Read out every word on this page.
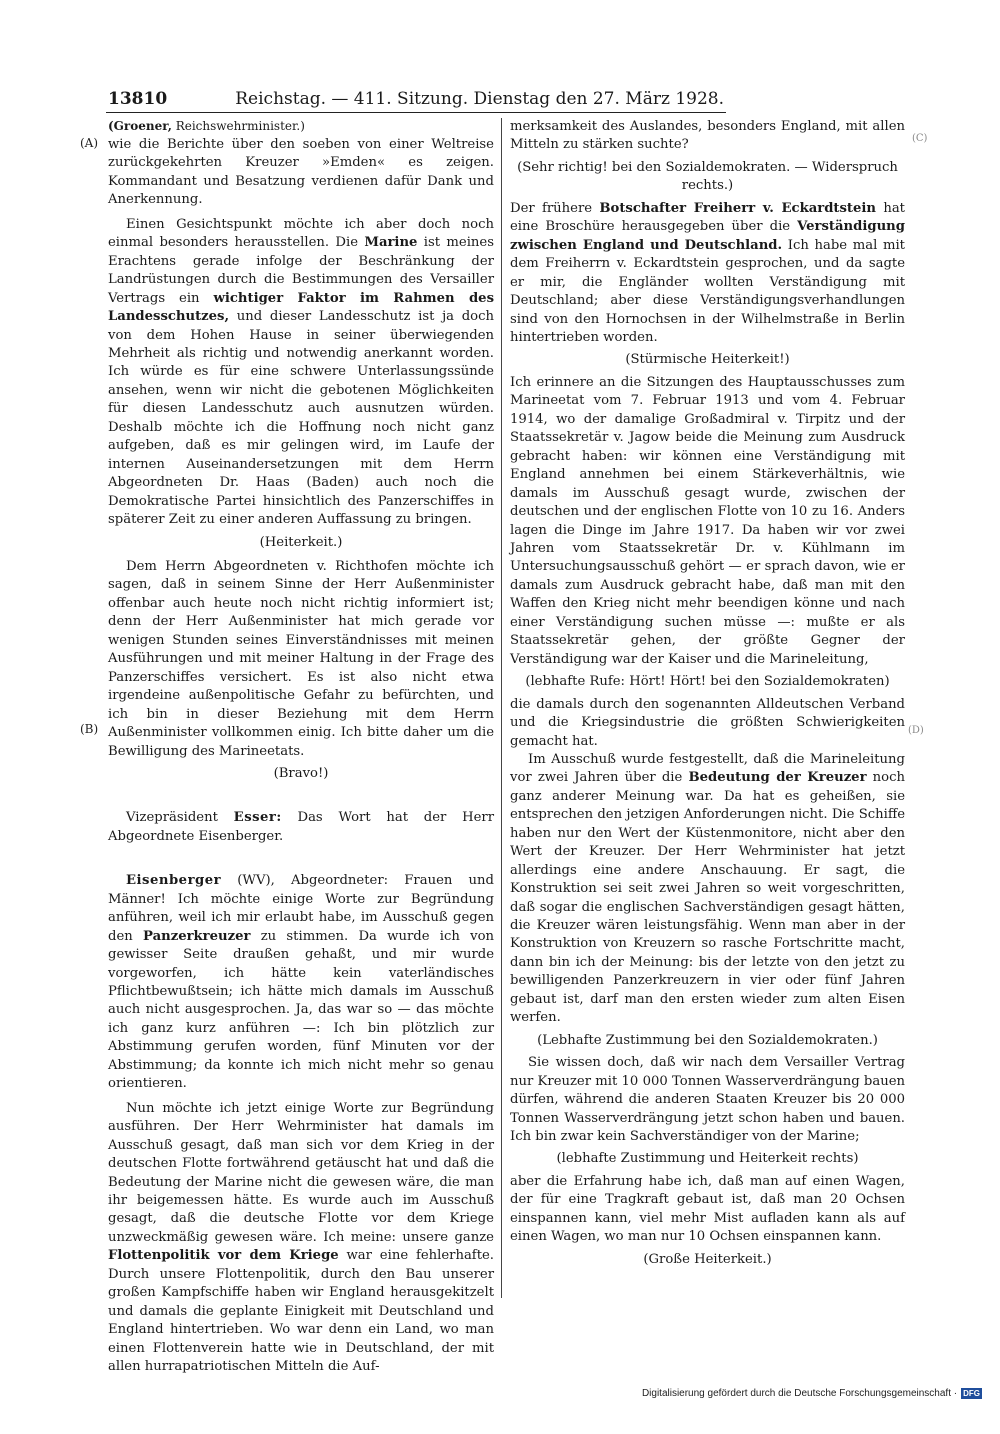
13810	Reichstag. — 411. Sitzung. Dienstag den 27. März 1928.
(A)
(B)
(C)
(D)

(Groener, Reichswehrminister.)

wie die Berichte über den soeben von einer Weltreise zurückgekehrten Kreuzer »Emden« es zeigen. Kommandant und Besatzung verdienen dafür Dank und Anerkennung.

Einen Gesichtspunkt möchte ich aber doch noch einmal besonders herausstellen. Die Marine ist meines Erachtens gerade infolge der Beschränkung der Landrüstungen durch die Bestimmungen des Versailler Vertrags ein wichtiger Faktor im Rahmen des Landesschutzes, und dieser Landesschutz ist ja doch von dem Hohen Hause in seiner überwiegenden Mehrheit als richtig und notwendig anerkannt worden. Ich würde es für eine schwere Unterlassungssünde ansehen, wenn wir nicht die gebotenen Möglichkeiten für diesen Landesschutz auch ausnutzen würden. Deshalb möchte ich die Hoffnung noch nicht ganz aufgeben, daß es mir gelingen wird, im Laufe der internen Auseinandersetzungen mit dem Herrn Abgeordneten Dr. Haas (Baden) auch noch die Demokratische Partei hinsichtlich des Panzerschiffes in späterer Zeit zu einer anderen Auffassung zu bringen.

(Heiterkeit.)

Dem Herrn Abgeordneten v. Richthofen möchte ich sagen, daß in seinem Sinne der Herr Außenminister offenbar auch heute noch nicht richtig informiert ist; denn der Herr Außenminister hat mich gerade vor wenigen Stunden seines Einverständnisses mit meinen Ausführungen und mit meiner Haltung in der Frage des Panzerschiffes versichert. Es ist also nicht etwa irgendeine außenpolitische Gefahr zu befürchten, und ich bin in dieser Beziehung mit dem Herrn Außenminister vollkommen einig. Ich bitte daher um die Bewilligung des Marineetats.

(Bravo!)

Vizepräsident Esser: Das Wort hat der Herr Abgeordnete Eisenberger.

Eisenberger (WV), Abgeordneter: Frauen und Männer! Ich möchte einige Worte zur Begründung anführen, weil ich mir erlaubt habe, im Ausschuß gegen den Panzerkreuzer zu stimmen. Da wurde ich von gewisser Seite draußen gehaßt, und mir wurde vorgeworfen, ich hätte kein vaterländisches Pflichtbewußtsein; ich hätte mich damals im Ausschuß auch nicht ausgesprochen. Ja, das war so — das möchte ich ganz kurz anführen —: Ich bin plötzlich zur Abstimmung gerufen worden, fünf Minuten vor der Abstimmung; da konnte ich mich nicht mehr so genau orientieren.

Nun möchte ich jetzt einige Worte zur Begründung ausführen. Der Herr Wehrminister hat damals im Ausschuß gesagt, daß man sich vor dem Krieg in der deutschen Flotte fortwährend getäuscht hat und daß die Bedeutung der Marine nicht die gewesen wäre, die man ihr beigemessen hätte. Es wurde auch im Ausschuß gesagt, daß die deutsche Flotte vor dem Kriege unzweckmäßig gewesen wäre. Ich meine: unsere ganze Flottenpolitik vor dem Kriege war eine fehlerhafte. Durch unsere Flottenpolitik, durch den Bau unserer großen Kampfschiffe haben wir England herausgekitzelt und damals die geplante Einigkeit mit Deutschland und England hintertrieben. Wo war denn ein Land, wo man einen Flottenverein hatte wie in Deutschland, der mit allen hurrapatriotischen Mitteln die Auf-

merksamkeit des Auslandes, besonders England, mit allen Mitteln zu stärken suchte?

(Sehr richtig! bei den Sozialdemokraten. — Widerspruch rechts.)

Der frühere Botschafter Freiherr v. Eckardtstein hat eine Broschüre herausgegeben über die Verständigung zwischen England und Deutschland. Ich habe mal mit dem Freiherrn v. Eckardtstein gesprochen, und da sagte er mir, die Engländer wollten Verständigung mit Deutschland; aber diese Verständigungsverhandlungen sind von den Hornochsen in der Wilhelmstraße in Berlin hintertrieben worden.

(Stürmische Heiterkeit!)

Ich erinnere an die Sitzungen des Hauptausschusses zum Marineetat vom 7. Februar 1913 und vom 4. Februar 1914, wo der damalige Großadmiral v. Tirpitz und der Staatssekretär v. Jagow beide die Meinung zum Ausdruck gebracht haben: wir können eine Verständigung mit England annehmen bei einem Stärkeverhältnis, wie damals im Ausschuß gesagt wurde, zwischen der deutschen und der englischen Flotte von 10 zu 16. Anders lagen die Dinge im Jahre 1917. Da haben wir vor zwei Jahren vom Staatssekretär Dr. v. Kühlmann im Untersuchungsausschuß gehört — er sprach davon, wie er damals zum Ausdruck gebracht habe, daß man mit den Waffen den Krieg nicht mehr beendigen könne und nach einer Verständigung suchen müsse —: mußte er als Staatssekretär gehen, der größte Gegner der Verständigung war der Kaiser und die Marineleitung,

(lebhafte Rufe: Hört! Hört! bei den Sozialdemokraten)

die damals durch den sogenannten Alldeutschen Verband und die Kriegsindustrie die größten Schwierigkeiten gemacht hat.

Im Ausschuß wurde festgestellt, daß die Marineleitung vor zwei Jahren über die Bedeutung der Kreuzer noch ganz anderer Meinung war. Da hat es geheißen, sie entsprechen den jetzigen Anforderungen nicht. Die Schiffe haben nur den Wert der Küstenmonitore, nicht aber den Wert der Kreuzer. Der Herr Wehrminister hat jetzt allerdings eine andere Anschauung. Er sagt, die Konstruktion sei seit zwei Jahren so weit vorgeschritten, daß sogar die englischen Sachverständigen gesagt hätten, die Kreuzer wären leistungsfähig. Wenn man aber in der Konstruktion von Kreuzern so rasche Fortschritte macht, dann bin ich der Meinung: bis der letzte von den jetzt zu bewilligenden Panzerkreuzern in vier oder fünf Jahren gebaut ist, darf man den ersten wieder zum alten Eisen werfen.

(Lebhafte Zustimmung bei den Sozialdemokraten.)

Sie wissen doch, daß wir nach dem Versailler Vertrag nur Kreuzer mit 10 000 Tonnen Wasserverdrängung bauen dürfen, während die anderen Staaten Kreuzer bis 20 000 Tonnen Wasserverdrängung jetzt schon haben und bauen. Ich bin zwar kein Sachverständiger von der Marine;

(lebhafte Zustimmung und Heiterkeit rechts)

aber die Erfahrung habe ich, daß man auf einen Wagen, der für eine Tragkraft gebaut ist, daß man 20 Ochsen einspannen kann, viel mehr Mist aufladen kann als auf einen Wagen, wo man nur 10 Ochsen einspannen kann.

(Große Heiterkeit.)

Digitalisierung gefördert durch die Deutsche Forschungsgemeinschaft · DFG
